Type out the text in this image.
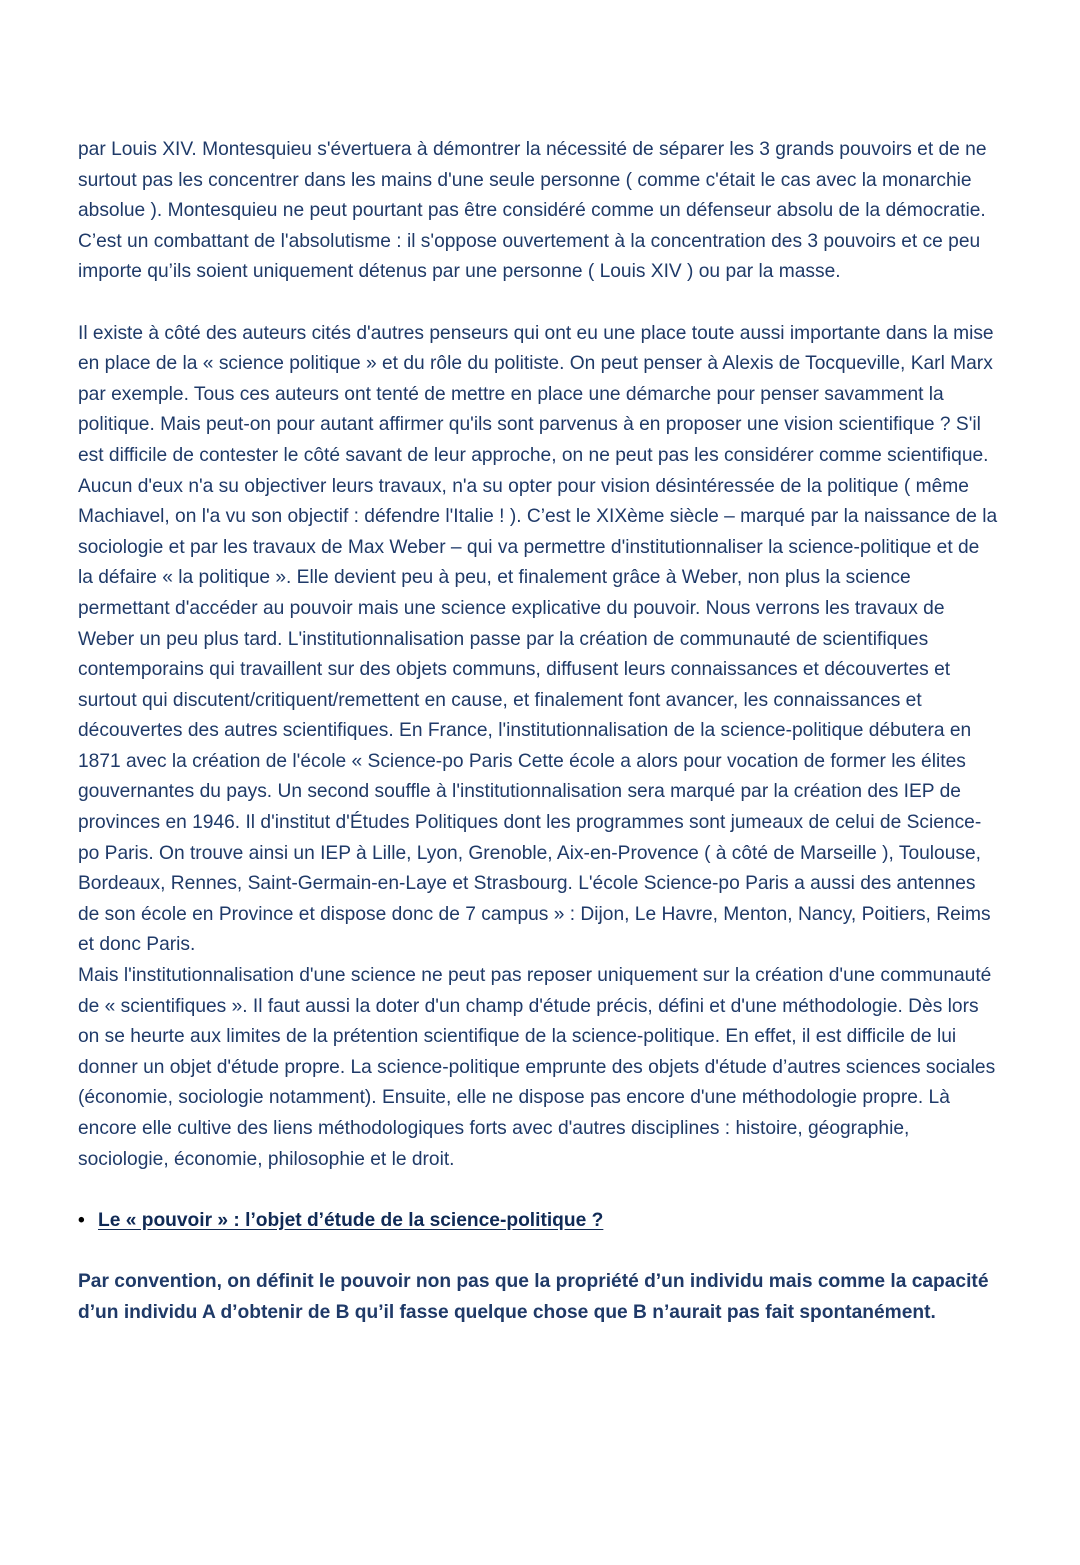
par Louis XIV. Montesquieu s'évertuera à démontrer la nécessité de séparer les 3 grands pouvoirs et de ne surtout pas les concentrer dans les mains d'une seule personne ( comme c'était le cas avec la monarchie absolue ). Montesquieu ne peut pourtant pas être considéré comme un défenseur absolu de la démocratie. C’est un combattant de l'absolutisme : il s'oppose ouvertement à la concentration des 3 pouvoirs et ce peu importe qu’ils soient uniquement détenus par une personne ( Louis XIV ) ou par la masse.

Il existe à côté des auteurs cités d'autres penseurs qui ont eu une place toute aussi importante dans la mise en place de la « science politique » et du rôle du politiste. On peut penser à Alexis de Tocqueville, Karl Marx par exemple. Tous ces auteurs ont tenté de mettre en place une démarche pour penser savamment la politique. Mais peut-on pour autant affirmer qu'ils sont parvenus à en proposer une vision scientifique ? S'il est difficile de contester le côté savant de leur approche, on ne peut pas les considérer comme scientifique. Aucun d'eux n'a su objectiver leurs travaux, n'a su opter pour vision désintéressée de la politique ( même Machiavel, on l'a vu son objectif : défendre l'Italie ! ). C’est le XIXème siècle – marqué par la naissance de la sociologie et par les travaux de Max Weber – qui va permettre d'institutionnaliser la science-politique et de la défaire « la politique ». Elle devient peu à peu, et finalement grâce à Weber, non plus la science permettant d'accéder au pouvoir mais une science explicative du pouvoir. Nous verrons les travaux de Weber un peu plus tard. L'institutionnalisation passe par la création de communauté de scientifiques contemporains qui travaillent sur des objets communs, diffusent leurs connaissances et découvertes et surtout qui discutent/critiquent/remettent en cause, et finalement font avancer, les connaissances et découvertes des autres scientifiques. En France, l'institutionnalisation de la science-politique débutera en 1871 avec la création de l'école « Science-po Paris Cette école a alors pour vocation de former les élites gouvernantes du pays. Un second souffle à l'institutionnalisation sera marqué par la création des IEP de provinces en 1946. Il d'institut d'Études Politiques dont les programmes sont jumeaux de celui de Science-po Paris. On trouve ainsi un IEP à Lille, Lyon, Grenoble, Aix-en-Provence ( à côté de Marseille ), Toulouse, Bordeaux, Rennes, Saint-Germain-en-Laye et Strasbourg. L'école Science-po Paris a aussi des antennes de son école en Province et dispose donc de 7 campus » : Dijon, Le Havre, Menton, Nancy, Poitiers, Reims et donc Paris.

Mais l'institutionnalisation d'une science ne peut pas reposer uniquement sur la création d'une communauté de « scientifiques ». Il faut aussi la doter d'un champ d'étude précis, défini et d'une méthodologie. Dès lors on se heurte aux limites de la prétention scientifique de la science-politique. En effet, il est difficile de lui donner un objet d'étude propre. La science-politique emprunte des objets d'étude d’autres sciences sociales (économie, sociologie notamment). Ensuite, elle ne dispose pas encore d'une méthodologie propre. Là encore elle cultive des liens méthodologiques forts avec d'autres disciplines : histoire, géographie, sociologie, économie, philosophie et le droit.

• Le « pouvoir » : l’objet d’étude de la science-politique ?

Par convention, on définit le pouvoir non pas que la propriété d’un individu mais comme la capacité d’un individu A d’obtenir de B qu’il fasse quelque chose que B n’aurait pas fait spontanément.
